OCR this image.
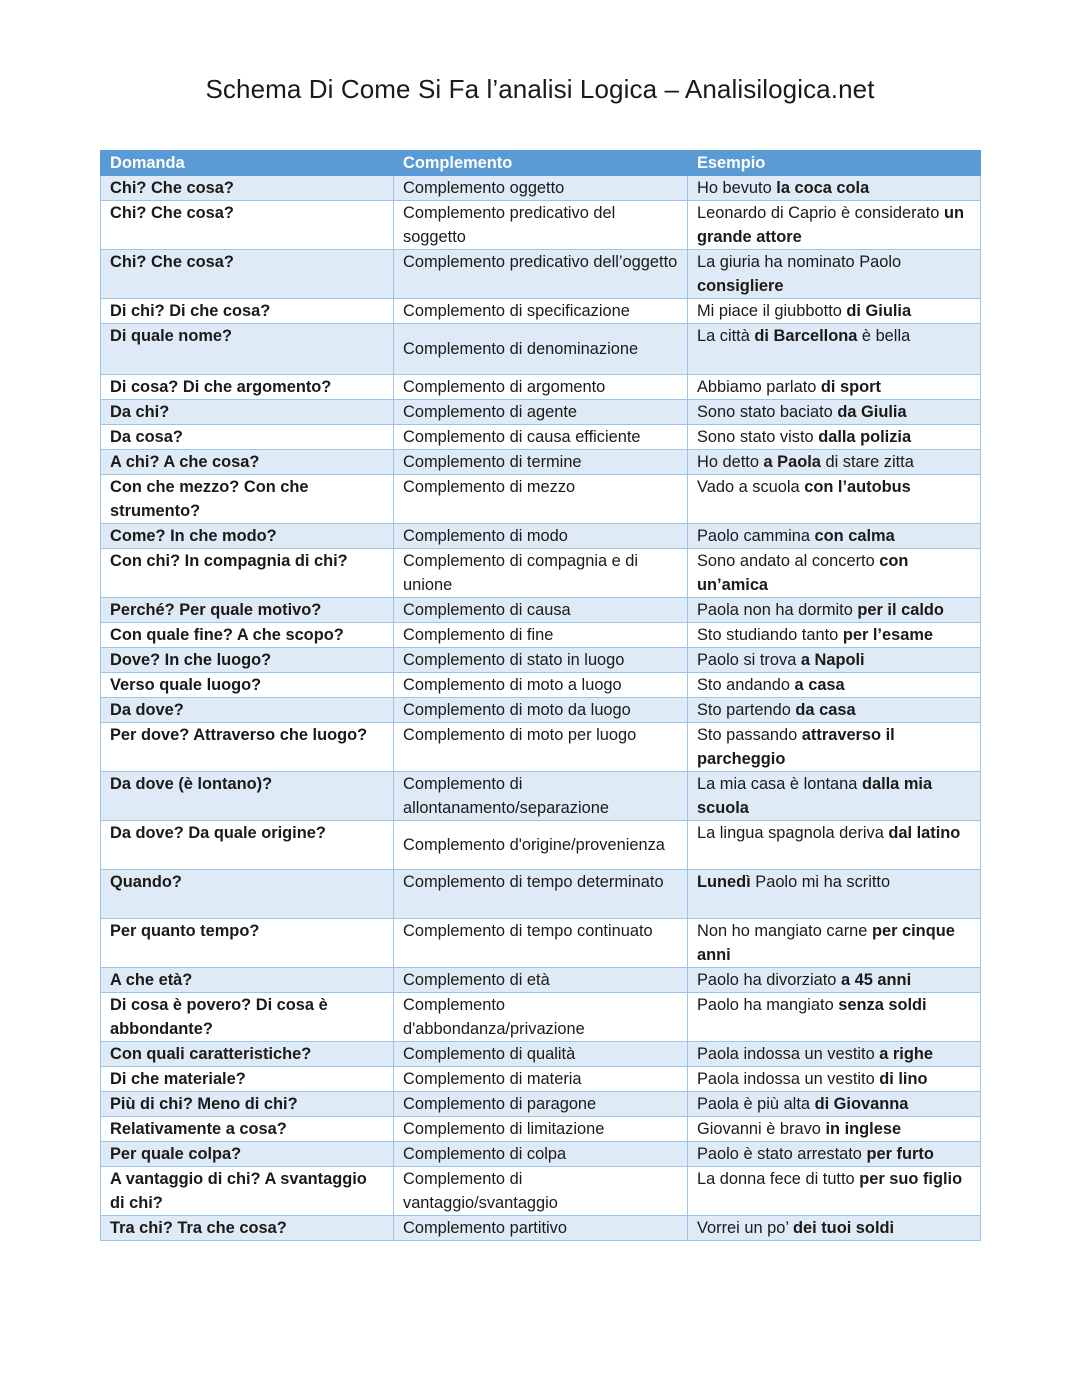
Schema Di Come Si Fa l’analisi Logica – Analisilogica.net
Domanda	Complemento	Esempio
Chi? Che cosa?	Complemento oggetto	Ho bevuto la coca cola
Chi? Che cosa?	Complemento predicativo del soggetto	Leonardo di Caprio è considerato un grande attore
Chi? Che cosa?	Complemento predicativo dell’oggetto	La giuria ha nominato Paolo consigliere
Di chi? Di che cosa?	Complemento di specificazione	Mi piace il giubbotto di Giulia
Di quale nome?	Complemento di denominazione	La città di Barcellona è bella
Di cosa? Di che argomento?	Complemento di argomento	Abbiamo parlato di sport
Da chi?	Complemento di agente	Sono stato baciato da Giulia
Da cosa?	Complemento di causa efficiente	Sono stato visto dalla polizia
A chi? A che cosa?	Complemento di termine	Ho detto a Paola di stare zitta
Con che mezzo? Con che strumento?	Complemento di mezzo	Vado a scuola con l’autobus
Come? In che modo?	Complemento di modo	Paolo cammina con calma
Con chi? In compagnia di chi?	Complemento di compagnia e di unione	Sono andato al concerto con un’amica
Perché? Per quale motivo?	Complemento di causa	Paola non ha dormito per il caldo
Con quale fine? A che scopo?	Complemento di fine	Sto studiando tanto per l’esame
Dove? In che luogo?	Complemento di stato in luogo	Paolo si trova a Napoli
Verso quale luogo?	Complemento di moto a luogo	Sto andando a casa
Da dove?	Complemento di moto da luogo	Sto partendo da casa
Per dove? Attraverso che luogo?	Complemento di moto per luogo	Sto passando attraverso il parcheggio
Da dove (è lontano)?	Complemento di allontanamento/separazione	La mia casa è lontana dalla mia scuola
Da dove? Da quale origine?	Complemento d'origine/provenienza	La lingua spagnola deriva dal latino
Quando?	Complemento di tempo determinato	Lunedì Paolo mi ha scritto
Per quanto tempo?	Complemento di tempo continuato	Non ho mangiato carne per cinque anni
A che età?	Complemento di età	Paolo ha divorziato a 45 anni
Di cosa è povero? Di cosa è abbondante?	Complemento d'abbondanza/privazione	Paolo ha mangiato senza soldi
Con quali caratteristiche?	Complemento di qualità	Paola indossa un vestito a righe
Di che materiale?	Complemento di materia	Paola indossa un vestito di lino
Più di chi? Meno di chi?	Complemento di paragone	Paola è più alta di Giovanna
Relativamente a cosa?	Complemento di limitazione	Giovanni è bravo in inglese
Per quale colpa?	Complemento di colpa	Paolo è stato arrestato per furto
A vantaggio di chi? A svantaggio di chi?	Complemento di vantaggio/svantaggio	La donna fece di tutto per suo figlio
Tra chi? Tra che cosa?	Complemento partitivo	Vorrei un po’ dei tuoi soldi
